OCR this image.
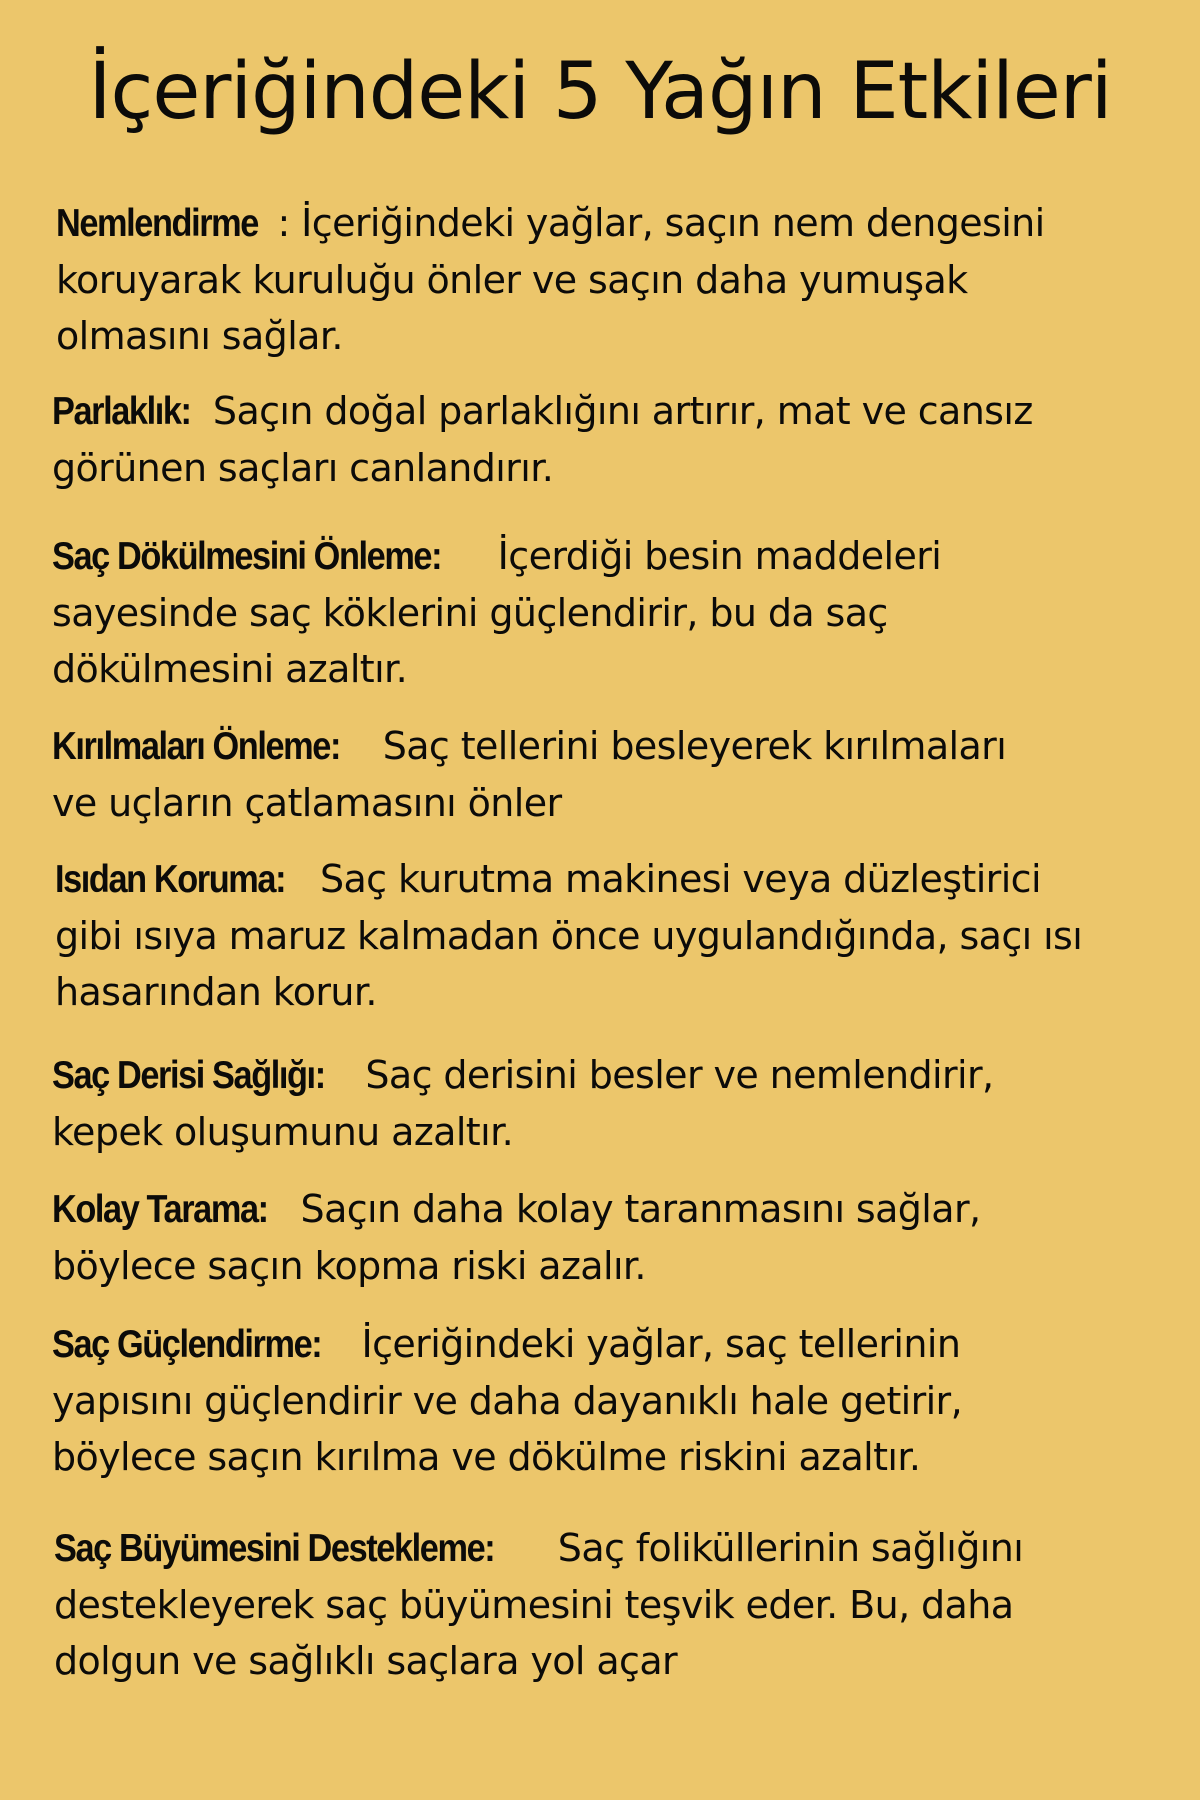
İçeriğindeki 5 Yağın Etkileri

Nemlendirme : İçeriğindeki yağlar, saçın nem dengesini
koruyarak kuruluğu önler ve saçın daha yumuşak
olmasını sağlar.

Parlaklık: Saçın doğal parlaklığını artırır, mat ve cansız
görünen saçları canlandırır.

Saç Dökülmesini Önleme: İçerdiği besin maddeleri
sayesinde saç köklerini güçlendirir, bu da saç
dökülmesini azaltır.

Kırılmaları Önleme: Saç tellerini besleyerek kırılmaları
ve uçların çatlamasını önler

Isıdan Koruma: Saç kurutma makinesi veya düzleştirici
gibi ısıya maruz kalmadan önce uygulandığında, saçı ısı
hasarından korur.

Saç Derisi Sağlığı: Saç derisini besler ve nemlendirir,
kepek oluşumunu azaltır.

Kolay Tarama: Saçın daha kolay taranmasını sağlar,
böylece saçın kopma riski azalır.

Saç Güçlendirme: İçeriğindeki yağlar, saç tellerinin
yapısını güçlendirir ve daha dayanıklı hale getirir,
böylece saçın kırılma ve dökülme riskini azaltır.

Saç Büyümesini Destekleme: Saç foliküllerinin sağlığını
destekleyerek saç büyümesini teşvik eder. Bu, daha
dolgun ve sağlıklı saçlara yol açar
